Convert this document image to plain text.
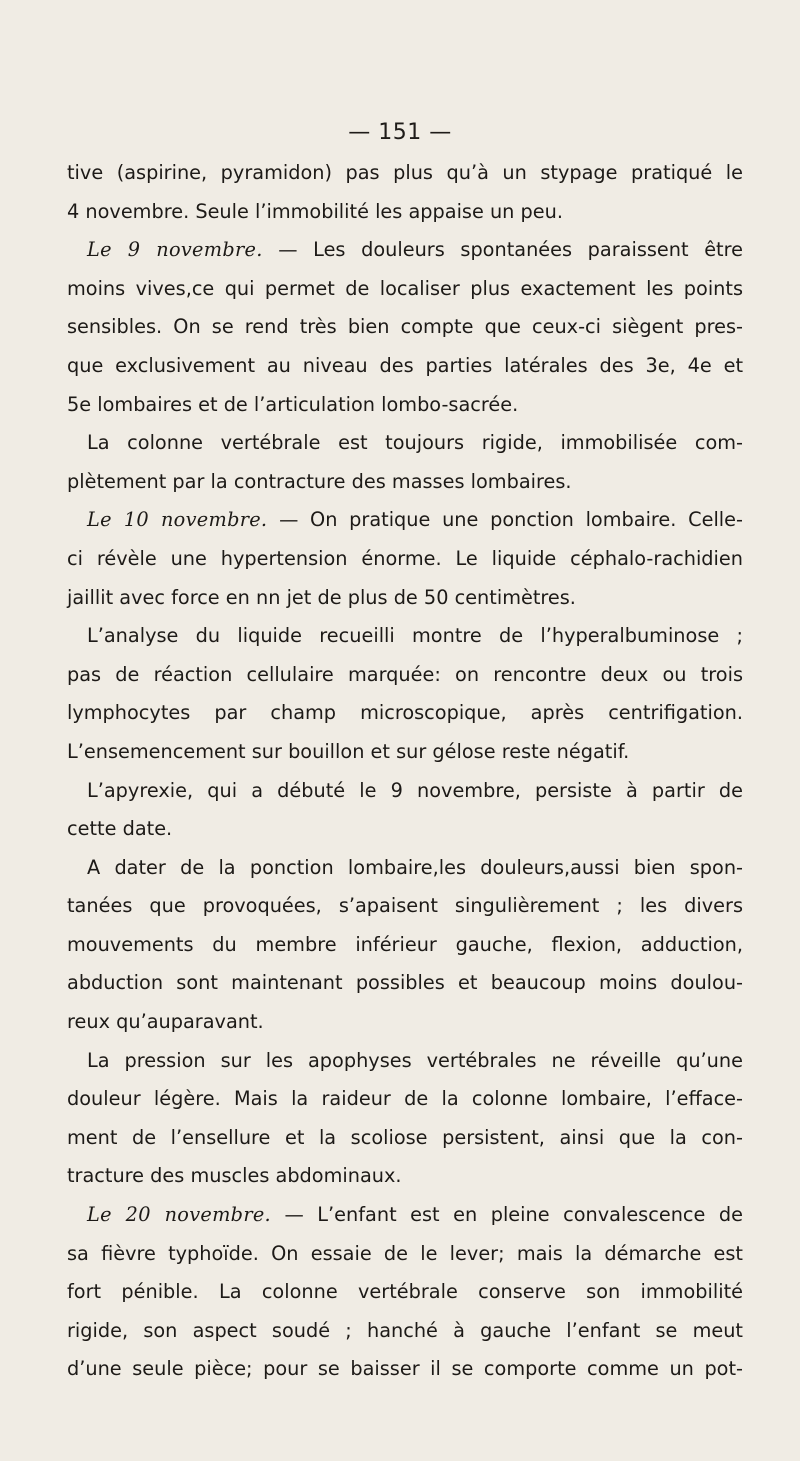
— 151 —
tive (aspirine, pyramidon) pas plus qu’à un stypage pratiqué le
4 novembre. Seule l’immobilité les appaise un peu.
Le 9 novembre. — Les douleurs spontanées paraissent être
moins vives,ce qui permet de localiser plus exactement les points
sensibles. On se rend très bien compte que ceux-ci siègent pres-
que exclusivement au niveau des parties latérales des 3e, 4e et
5e lombaires et de l’articulation lombo-sacrée.
La colonne vertébrale est toujours rigide, immobilisée com-
plètement par la contracture des masses lombaires.
Le 10 novembre. — On pratique une ponction lombaire. Celle-
ci révèle une hypertension énorme. Le liquide céphalo-rachidien
jaillit avec force en nn jet de plus de 50 centimètres.
L’analyse du liquide recueilli montre de l’hyperalbuminose ;
pas de réaction cellulaire marquée: on rencontre deux ou trois
lymphocytes par champ microscopique, après centrifigation.
L’ensemencement sur bouillon et sur gélose reste négatif.
L’apyrexie, qui a débuté le 9 novembre, persiste à partir de
cette date.
A dater de la ponction lombaire,les douleurs,aussi bien spon-
tanées que provoquées, s’apaisent singulièrement ; les divers
mouvements du membre inférieur gauche, flexion, adduction,
abduction sont maintenant possibles et beaucoup moins doulou-
reux qu’auparavant.
La pression sur les apophyses vertébrales ne réveille qu’une
douleur légère. Mais la raideur de la colonne lombaire, l’efface-
ment de l’ensellure et la scoliose persistent, ainsi que la con-
tracture des muscles abdominaux.
Le 20 novembre. — L’enfant est en pleine convalescence de
sa fièvre typhoïde. On essaie de le lever; mais la démarche est
fort pénible. La colonne vertébrale conserve son immobilité
rigide, son aspect soudé ; hanché à gauche l’enfant se meut
d’une seule pièce; pour se baisser il se comporte comme un pot-
